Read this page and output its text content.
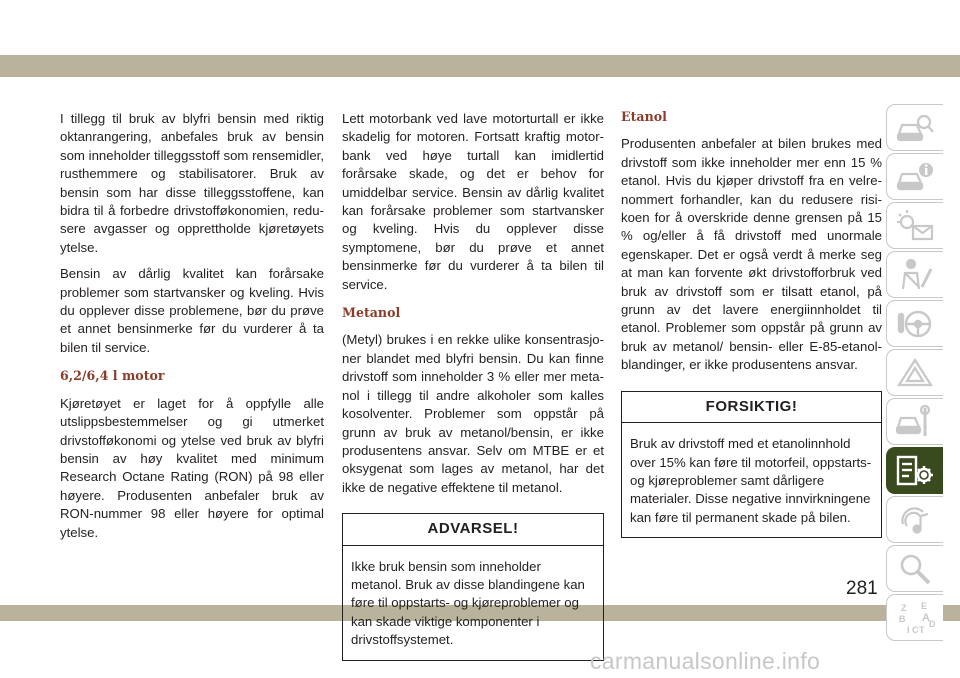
I tillegg til bruk av blyfri bensin med riktig oktanrangering, anbefales bruk av bensin som inneholder tilleggsstoff som rensemidler, rusthemmere og stabilisatorer. Bruk av bensin som har disse tilleggsstoffene, kan bidra til å forbedre drivstofføkonomien, redusere avgasser og opprettholde kjøretøyets ytelse.

Bensin av dårlig kvalitet kan forårsake problemer som startvansker og kveling. Hvis du opplever disse problemene, bør du prøve et annet bensinmerke før du vurderer å ta bilen til service.

6,2/6,4 l motor

Kjøretøyet er laget for å oppfylle alle utslippsbestemmelser og gi utmerket drivstofføkonomi og ytelse ved bruk av blyfri bensin av høy kvalitet med minimum Research Octane Rating (RON) på 98 eller høyere. Produsenten anbefaler bruk av RON-nummer 98 eller høyere for optimal ytelse.

Lett motorbank ved lave motorturtall er ikke skadelig for motoren. Fortsatt kraftig motorbank ved høye turtall kan imidlertid forårsake skade, og det er behov for umiddelbar service. Bensin av dårlig kvalitet kan forårsake problemer som startvansker og kveling. Hvis du opplever disse symptomene, bør du prøve et annet bensinmerke før du vurderer å ta bilen til service.

Metanol

(Metyl) brukes i en rekke ulike konsentrasjoner blandet med blyfri bensin. Du kan finne drivstoff som inneholder 3 % eller mer metanol i tillegg til andre alkoholer som kalles kosolventer. Problemer som oppstår på grunn av bruk av metanol/bensin, er ikke produsentens ansvar. Selv om MTBE er et oksygenat som lages av metanol, har det ikke de negative effektene til metanol.

ADVARSEL!
Ikke bruk bensin som inneholder metanol. Bruk av disse blandingene kan føre til oppstarts- og kjøreproblemer og kan skade viktige komponenter i drivstoffsystemet.
Etanol

Produsenten anbefaler at bilen brukes med drivstoff som ikke inneholder mer enn 15 % etanol. Hvis du kjøper drivstoff fra en velrenommert forhandler, kan du redusere risikoen for å overskride denne grensen på 15 % og/eller å få drivstoff med unormale egenskaper. Det er også verdt å merke seg at man kan forvente økt drivstofforbruk ved bruk av drivstoff som er tilsatt etanol, på grunn av det lavere energiinnholdet til etanol. Problemer som oppstår på grunn av bruk av metanol/ bensin- eller E-85-etanol-blandinger, er ikke produsentens ansvar.

FORSIKTIG!
Bruk av drivstoff med et etanolinnhold over 15% kan føre til motorfeil, oppstarts- og kjøreproblemer samt dårligere materialer. Disse negative innvirkningene kan føre til permanent skade på bilen.
Z E
B A D
I C T
281
carmanualsonline.info
